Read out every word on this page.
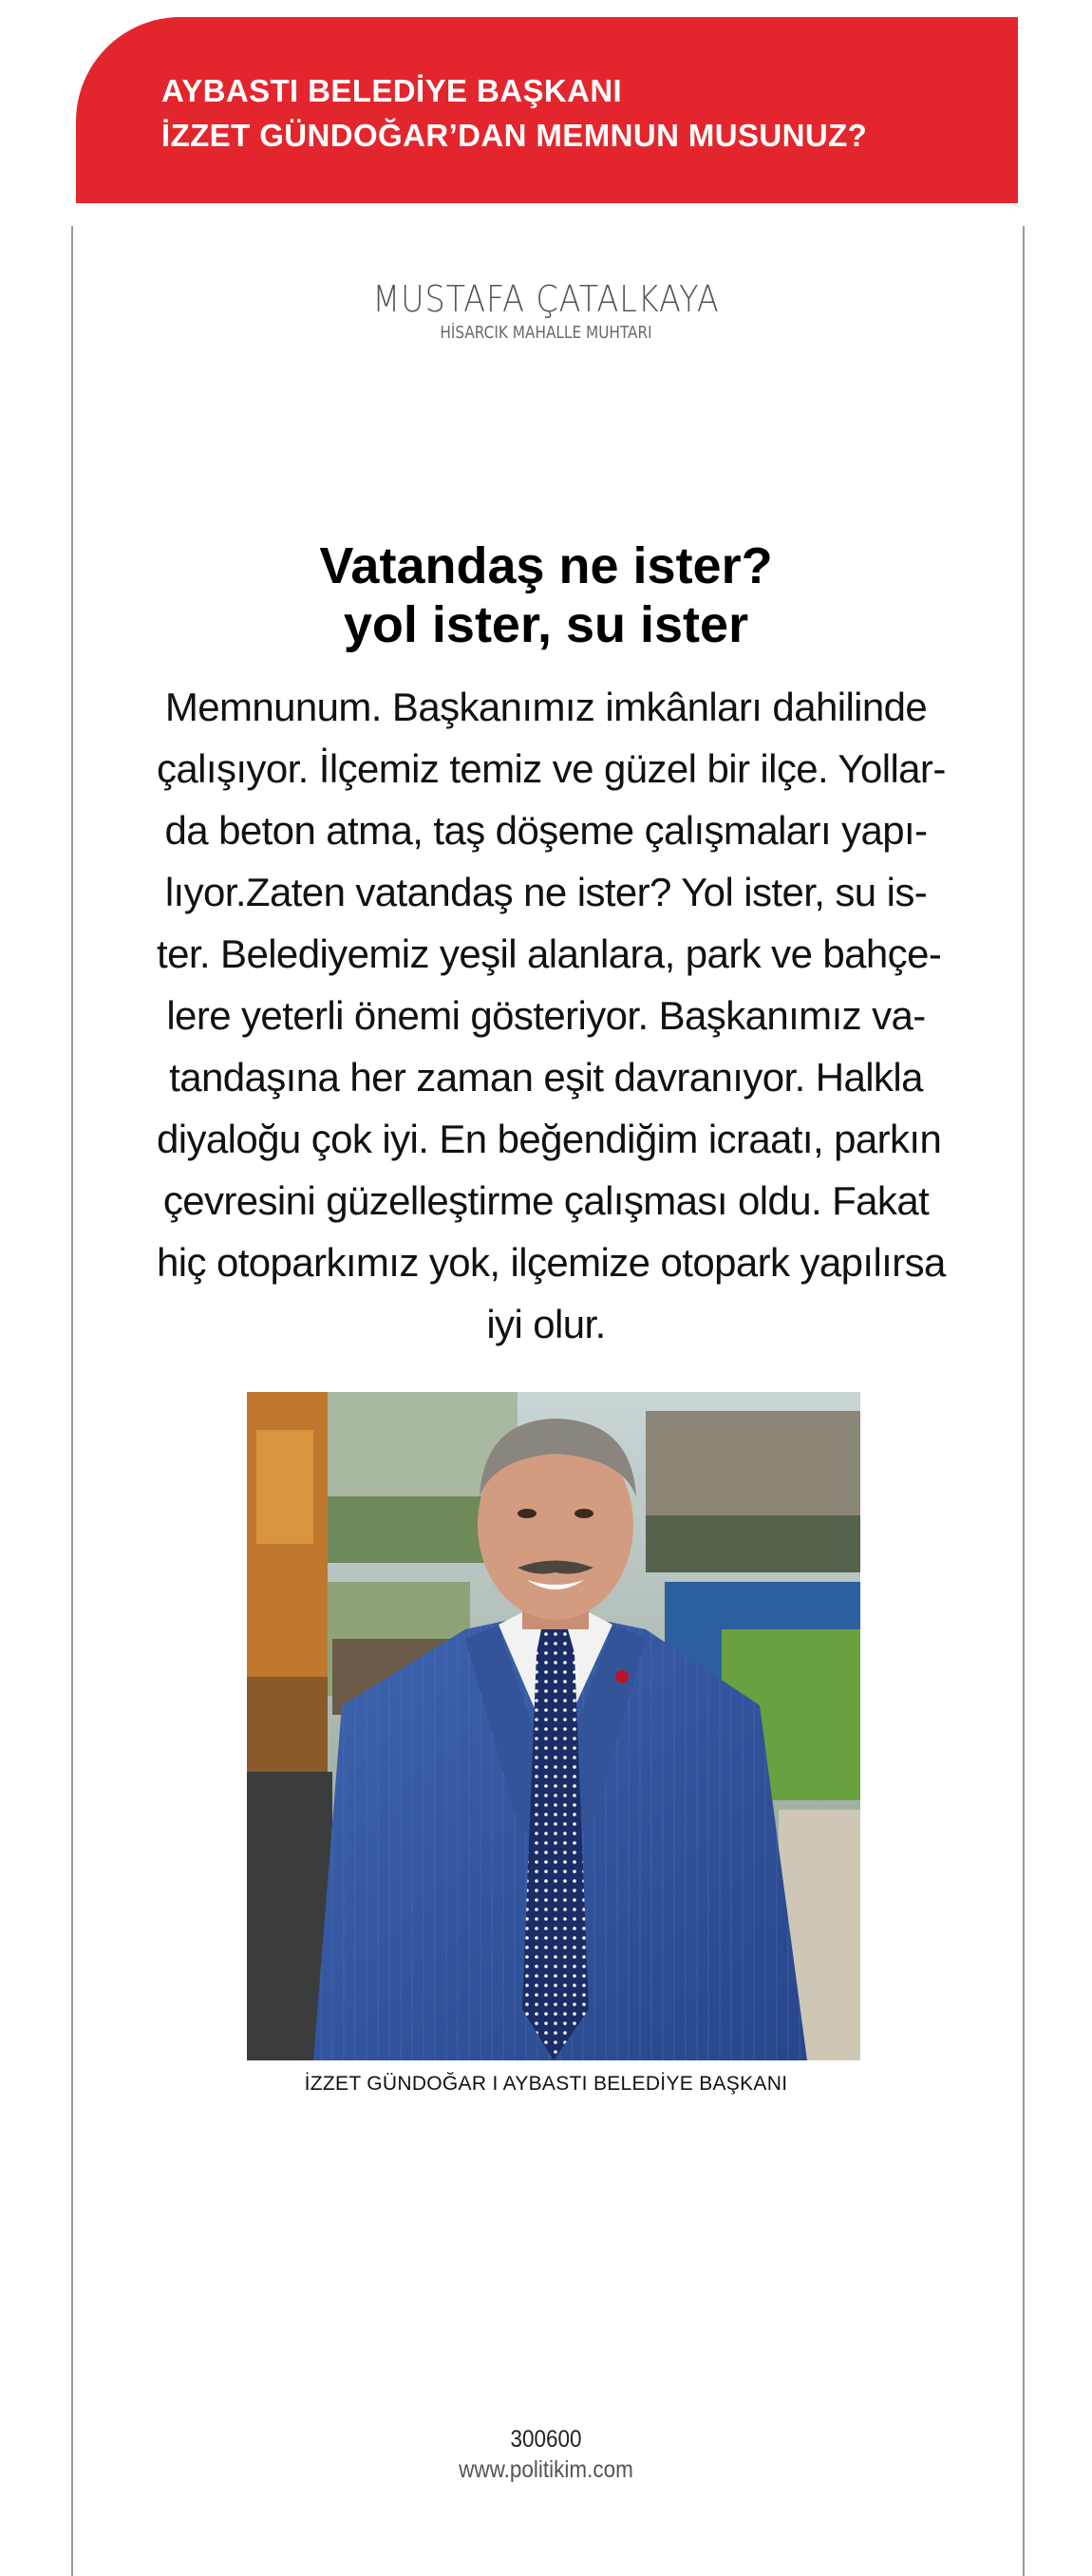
AYBASTI BELEDİYE BAŞKANI
İZZET GÜNDOĞAR’DAN MEMNUN MUSUNUZ?
MUSTAFA ÇATALKAYA
HİSARCIK MAHALLE MUHTARI
Vatandaş ne ister?
yol ister, su ister
Memnunum. Başkanımız imkânları dahilinde
çalışıyor. İlçemiz temiz ve güzel bir ilçe. Yollar-
da beton atma, taş döşeme çalışmaları yapı-
lıyor.Zaten vatandaş ne ister? Yol ister, su is-
ter. Belediyemiz yeşil alanlara, park ve bahçe-
lere yeterli önemi gösteriyor. Başkanımız va-
tandaşına her zaman eşit davranıyor. Halkla
diyaloğu çok iyi. En beğendiğim icraatı, parkın
çevresini güzelleştirme çalışması oldu. Fakat
hiç otoparkımız yok, ilçemize otopark yapılırsa
iyi olur.
İZZET GÜNDOĞAR I AYBASTI BELEDİYE BAŞKANI
300600
www.politikim.com
